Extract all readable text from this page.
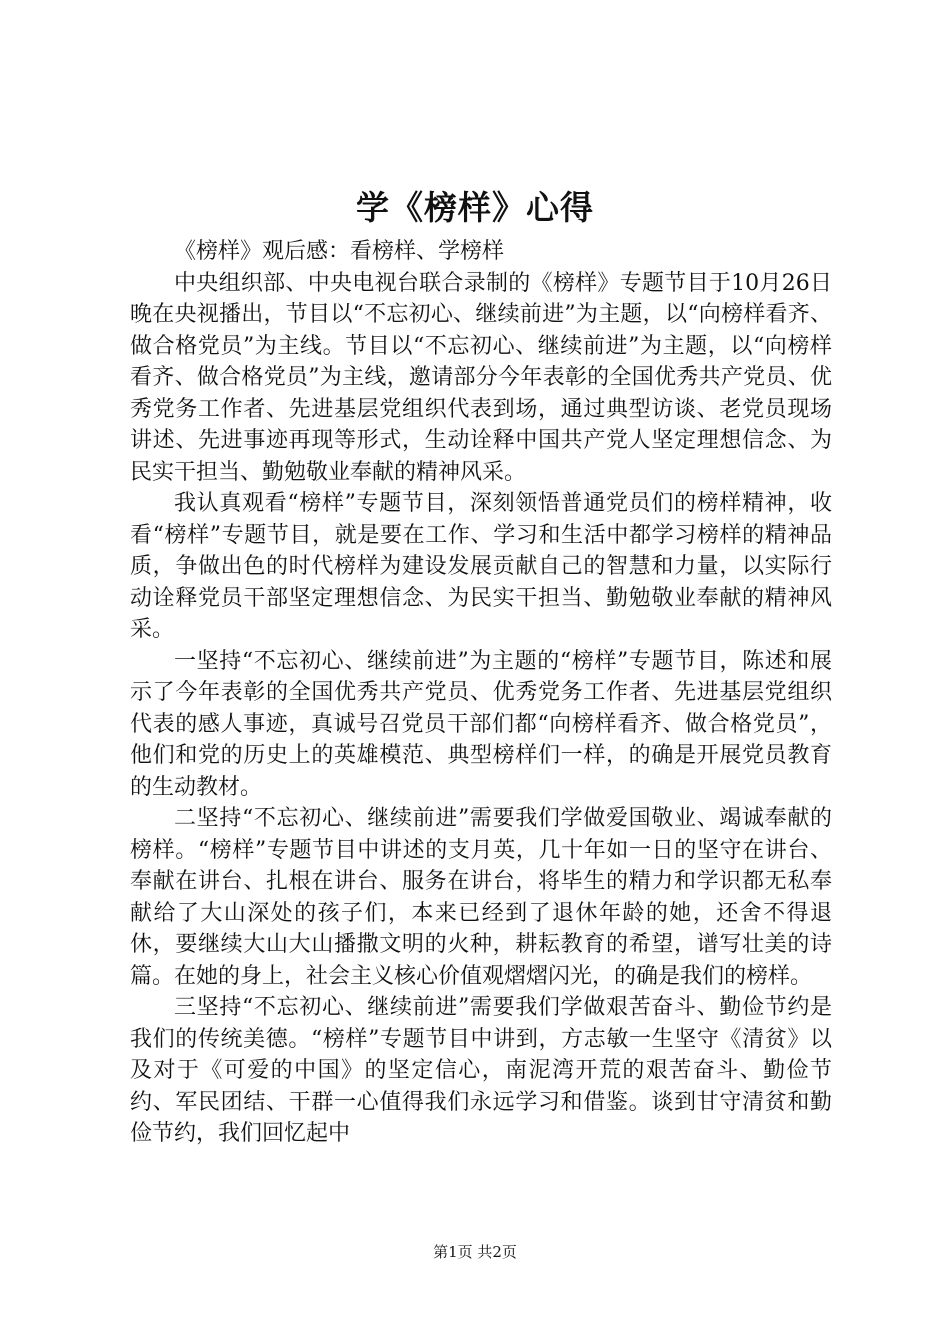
学《榜样》心得

《榜样》观后感：看榜样、学榜样

中央组织部、中央电视台联合录制的《榜样》专题节目于10月26日晚在央视播出，节目以“不忘初心、继续前进”为主题，以“向榜样看齐、做合格党员”为主线。节目以“不忘初心、继续前进”为主题，以“向榜样看齐、做合格党员”为主线，邀请部分今年表彰的全国优秀共产党员、优秀党务工作者、先进基层党组织代表到场，通过典型访谈、老党员现场讲述、先进事迹再现等形式，生动诠释中国共产党人坚定理想信念、为民实干担当、勤勉敬业奉献的精神风采。

我认真观看“榜样”专题节目，深刻领悟普通党员们的榜样精神，收看“榜样”专题节目，就是要在工作、学习和生活中都学习榜样的精神品质，争做出色的时代榜样为建设发展贡献自己的智慧和力量，以实际行动诠释党员干部坚定理想信念、为民实干担当、勤勉敬业奉献的精神风采。

一坚持“不忘初心、继续前进”为主题的“榜样”专题节目，陈述和展示了今年表彰的全国优秀共产党员、优秀党务工作者、先进基层党组织代表的感人事迹，真诚号召党员干部们都“向榜样看齐、做合格党员”，他们和党的历史上的英雄模范、典型榜样们一样，的确是开展党员教育的生动教材。

二坚持“不忘初心、继续前进”需要我们学做爱国敬业、竭诚奉献的榜样。“榜样”专题节目中讲述的支月英，几十年如一日的坚守在讲台、奉献在讲台、扎根在讲台、服务在讲台，将毕生的精力和学识都无私奉献给了大山深处的孩子们，本来已经到了退休年龄的她，还舍不得退休，要继续大山大山播撒文明的火种，耕耘教育的希望，谱写壮美的诗篇。在她的身上，社会主义核心价值观熠熠闪光，的确是我们的榜样。

三坚持“不忘初心、继续前进”需要我们学做艰苦奋斗、勤俭节约是我们的传统美德。“榜样”专题节目中讲到，方志敏一生坚守《清贫》以及对于《可爱的中国》的坚定信心，南泥湾开荒的艰苦奋斗、勤俭节约、军民团结、干群一心值得我们永远学习和借鉴。谈到甘守清贫和勤俭节约，我们回忆起中

第1页 共2页
